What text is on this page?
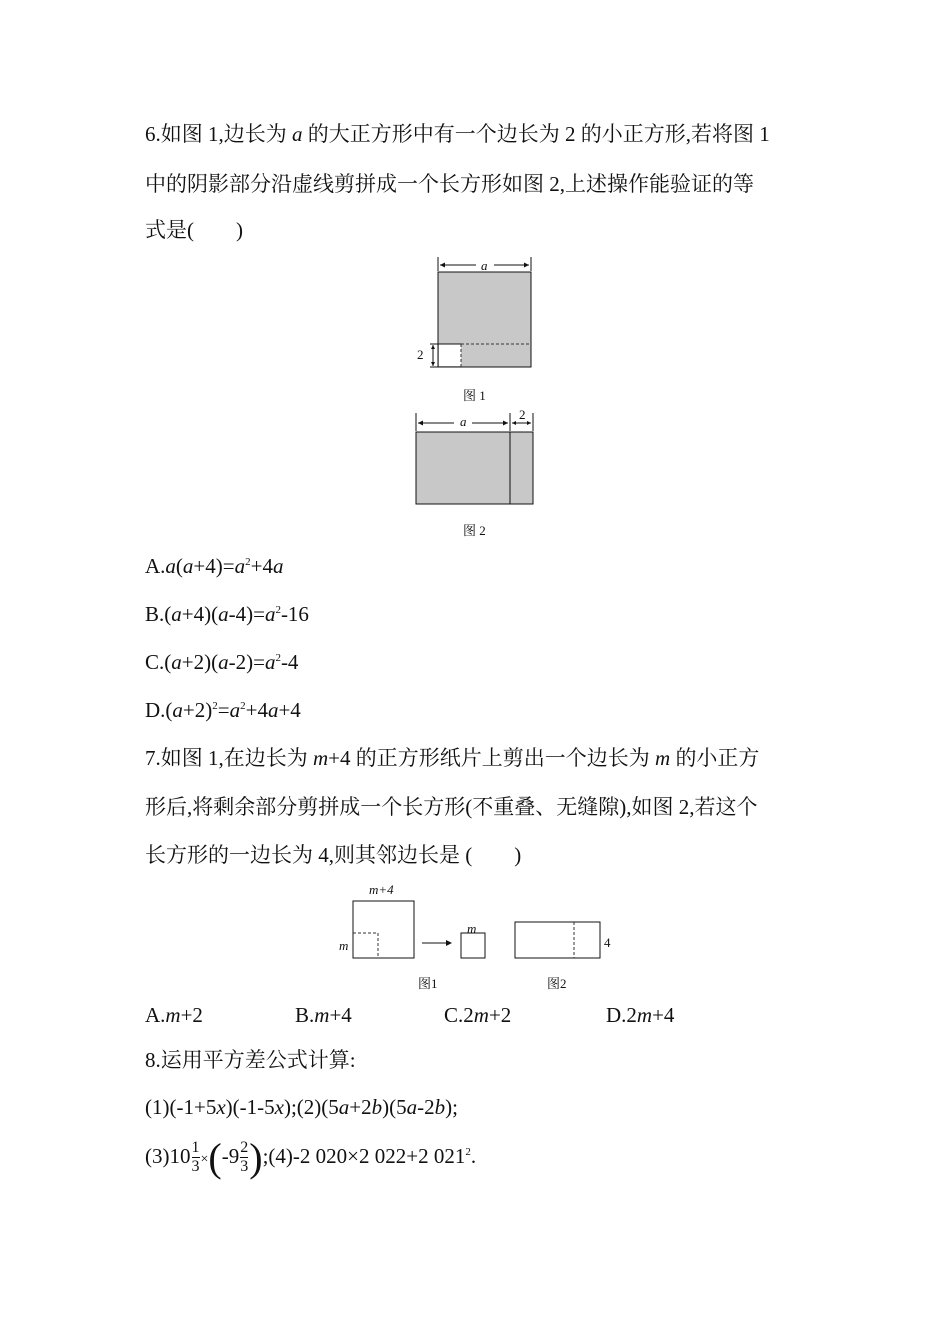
6.如图 1,边长为 a 的大正方形中有一个边长为 2 的小正方形,若将图 1
中的阴影部分沿虚线剪拼成一个长方形如图 2,上述操作能验证的等
式是(　　)
a
2
图 1
a	2
图 2
$A.a(a+4)=a^2+4a$
$B.(a+4)(a-4)=a^2-16$
$C.(a+2)(a-2)=a^2-4$
$D.(a+2)^2=a^2+4a+4$
7.如图 1,在边长为 m+4 的正方形纸片上剪出一个边长为 m 的小正方
形后,将剩余部分剪拼成一个长方形(不重叠、无缝隙),如图 2,若这个
长方形的一边长为 4,则其邻边长是 (　　)
m+4
m
m
4
图1	图2
A.m+2	B.m+4	C.2m+2	D.2m+4
8.运用平方差公式计算:
(1)(-1+5x)(-1-5x);(2)(5a+2b)(5a-2b);
$(3)10 \frac{1}{3} \times(-9 \frac{2}{3}$ );(4)-2 020×2 022+2 $021^2$.
